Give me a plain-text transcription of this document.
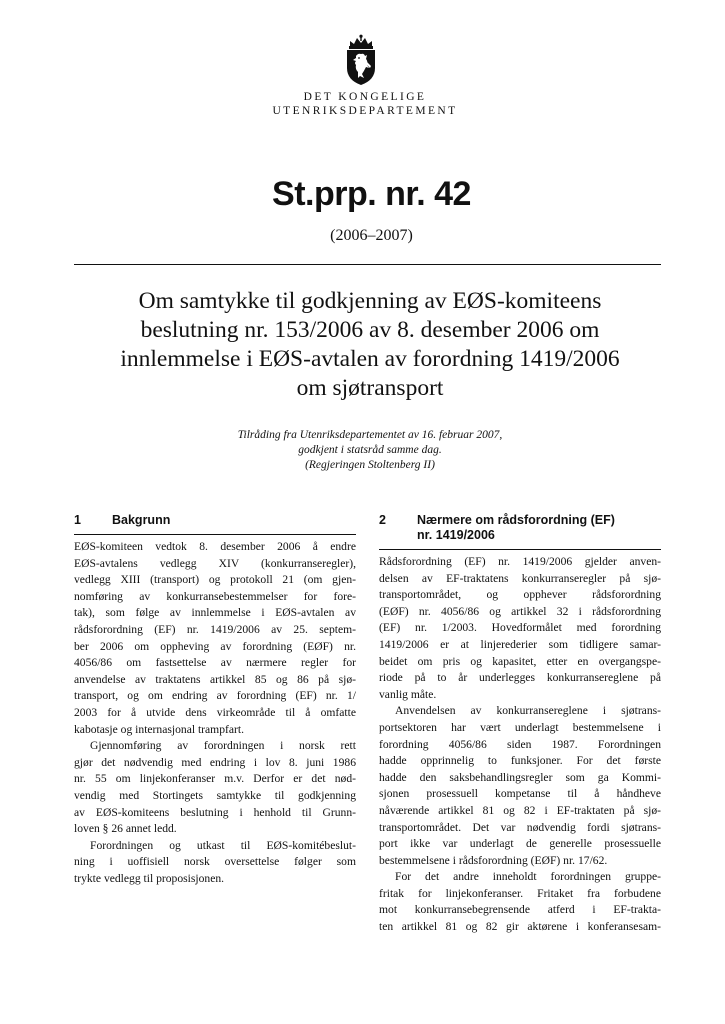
DET KONGELIGE
UTENRIKSDEPARTEMENT
St.prp. nr. 42
(2006–2007)
Om samtykke til godkjenning av EØS-komiteens
beslutning nr. 153/2006 av 8. desember 2006 om
innlemmelse i EØS-avtalen av forordning 1419/2006
om sjøtransport
Tilråding fra Utenriksdepartementet av 16. februar 2007,
godkjent i statsråd samme dag.
(Regjeringen Stoltenberg II)
1 Bakgrunn
EØS-komiteen vedtok 8. desember 2006 å endre
EØS-avtalens vedlegg XIV (konkurranseregler),
vedlegg XIII (transport) og protokoll 21 (om gjen-
nomføring av konkurransebestemmelser for fore-
tak), som følge av innlemmelse i EØS-avtalen av
rådsforordning (EF) nr. 1419/2006 av 25. septem-
ber 2006 om oppheving av forordning (EØF) nr.
4056/86 om fastsettelse av nærmere regler for
anvendelse av traktatens artikkel 85 og 86 på sjø-
transport, og om endring av forordning (EF) nr. 1/
2003 for å utvide dens virkeområde til å omfatte
kabotasje og internasjonal trampfart.
Gjennomføring av forordningen i norsk rett
gjør det nødvendig med endring i lov 8. juni 1986
nr. 55 om linjekonferanser m.v. Derfor er det nød-
vendig med Stortingets samtykke til godkjenning
av EØS-komiteens beslutning i henhold til Grunn-
loven § 26 annet ledd.
Forordningen og utkast til EØS-komitébeslut-
ning i uoffisiell norsk oversettelse følger som
trykte vedlegg til proposisjonen.
2 Nærmere om rådsforordning (EF)
nr. 1419/2006
Rådsforordning (EF) nr. 1419/2006 gjelder anven-
delsen av EF-traktatens konkurranseregler på sjø-
transportområdet, og opphever rådsforordning
(EØF) nr. 4056/86 og artikkel 32 i rådsforordning
(EF) nr. 1/2003. Hovedformålet med forordning
1419/2006 er at linjerederier som tidligere samar-
beidet om pris og kapasitet, etter en overgangspe-
riode på to år underlegges konkurransereglene på
vanlig måte.
Anvendelsen av konkurransereglene i sjøtrans-
portsektoren har vært underlagt bestemmelsene i
forordning 4056/86 siden 1987. Forordningen
hadde opprinnelig to funksjoner. For det første
hadde den saksbehandlingsregler som ga Kommi-
sjonen prosessuell kompetanse til å håndheve
nåværende artikkel 81 og 82 i EF-traktaten på sjø-
transportområdet. Det var nødvendig fordi sjøtrans-
port ikke var underlagt de generelle prosessuelle
bestemmelsene i rådsforordning (EØF) nr. 17/62.
For det andre inneholdt forordningen gruppe-
fritak for linjekonferanser. Fritaket fra forbudene
mot konkurransebegrensende atferd i EF-trakta-
ten artikkel 81 og 82 gir aktørene i konferansesam-
